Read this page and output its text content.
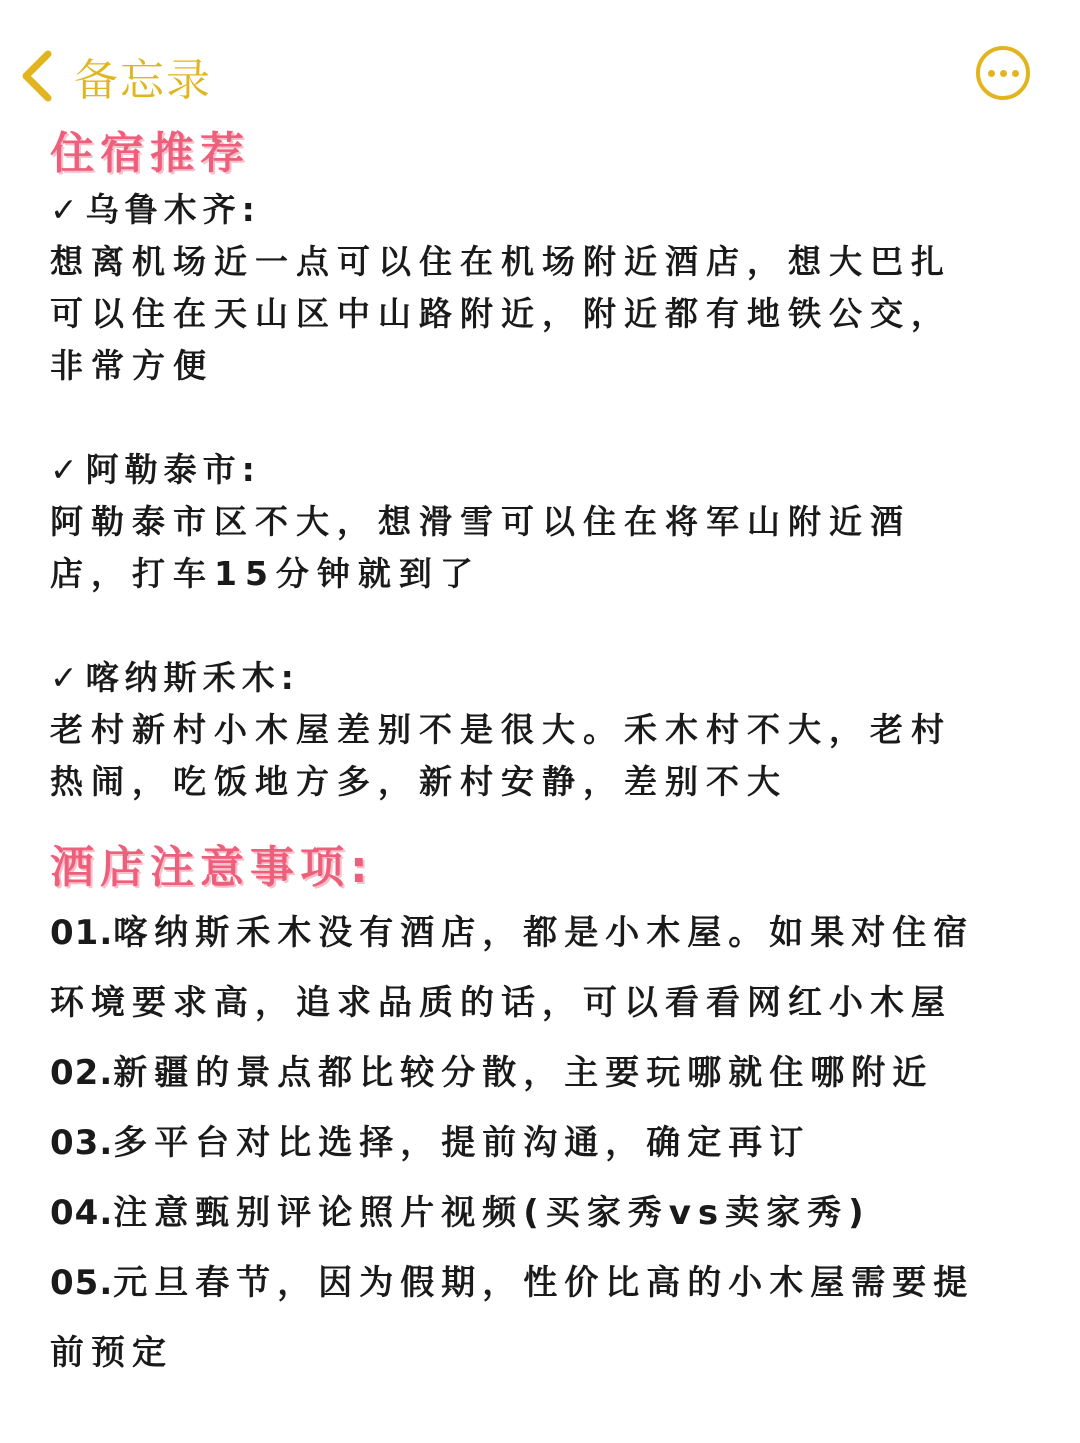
备忘录
住宿推荐
✓乌鲁木齐:

想离机场近一点可以住在机场附近酒店，想大巴扎

可以住在天山区中山路附近，附近都有地铁公交，

非常方便

✓阿勒泰市:

阿勒泰市区不大，想滑雪可以住在将军山附近酒

店，打车15分钟就到了

✓喀纳斯禾木:

老村新村小木屋差别不是很大。禾木村不大，老村

热闹，吃饭地方多，新村安静，差别不大

酒店注意事项:

01.喀纳斯禾木没有酒店，都是小木屋。如果对住宿

环境要求高，追求品质的话，可以看看网红小木屋

02.新疆的景点都比较分散，主要玩哪就住哪附近

03.多平台对比选择，提前沟通，确定再订

04.注意甄别评论照片视频(买家秀vs卖家秀)

05.元旦春节，因为假期，性价比高的小木屋需要提

前预定
